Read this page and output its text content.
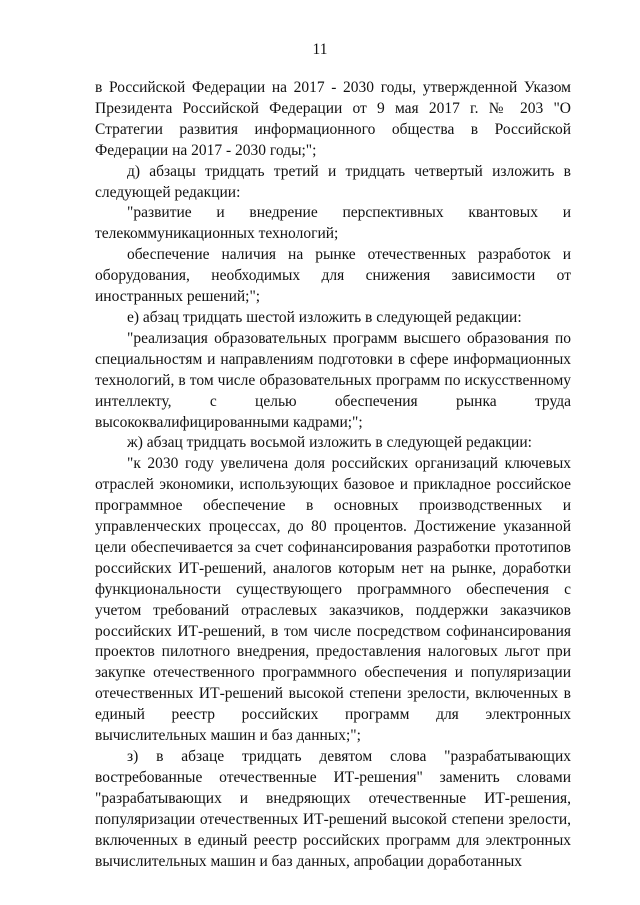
11

в Российской Федерации на 2017 - 2030 годы, утвержденной Указом Президента Российской Федерации от 9 мая 2017 г. № 203 "О Стратегии развития информационного общества в Российской Федерации на 2017 - 2030 годы;";

д) абзацы тридцать третий и тридцать четвертый изложить в следующей редакции:

"развитие и внедрение перспективных квантовых и телекоммуникационных технологий;

обеспечение наличия на рынке отечественных разработок и оборудования, необходимых для снижения зависимости от иностранных решений;";

е) абзац тридцать шестой изложить в следующей редакции:

"реализация образовательных программ высшего образования по специальностям и направлениям подготовки в сфере информационных технологий, в том числе образовательных программ по искусственному интеллекту, с целью обеспечения рынка труда высококвалифицированными кадрами;";

ж) абзац тридцать восьмой изложить в следующей редакции:

"к 2030 году увеличена доля российских организаций ключевых отраслей экономики, использующих базовое и прикладное российское программное обеспечение в основных производственных и управленческих процессах, до 80 процентов. Достижение указанной цели обеспечивается за счет софинансирования разработки прототипов российских ИТ-решений, аналогов которым нет на рынке, доработки функциональности существующего программного обеспечения с учетом требований отраслевых заказчиков, поддержки заказчиков российских ИТ-решений, в том числе посредством софинансирования проектов пилотного внедрения, предоставления налоговых льгот при закупке отечественного программного обеспечения и популяризации отечественных ИТ-решений высокой степени зрелости, включенных в единый реестр российских программ для электронных вычислительных машин и баз данных;";

з) в абзаце тридцать девятом слова "разрабатывающих востребованные отечественные ИТ-решения" заменить словами "разрабатывающих и внедряющих отечественные ИТ-решения, популяризации отечественных ИТ-решений высокой степени зрелости, включенных в единый реестр российских программ для электронных вычислительных машин и баз данных, апробации доработанных
